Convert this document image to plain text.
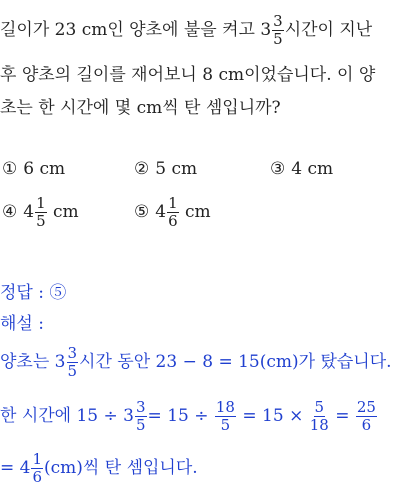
길이가 23 cm인 양초에 불을 켜고 $3 \frac{3}{5}$ 시간이 지난
후 양초의 길이를 재어보니 8 cm이었습니다. 이 양
초는 한 시간에 몇 cm씩 탄 셈입니까?
① 6 cm	② 5 cm	③ 4 cm
④ $4 \frac{1}{5}$ cm	⑤ $4 \frac{1}{6}$ cm
정답 : ⑤
해설 :
양초는 $3 \frac{3}{5}$ 시간 동안 23 − 8 = 15(cm)가 탔습니다.
한 시간에 $15 \div 3 \frac{3}{5} = 15 \div \frac{18}{5} = 15 \times \frac{5}{18} = \frac{25}{6}$
= $4 \frac{1}{6} (cm)$씩 탄 셈입니다.
